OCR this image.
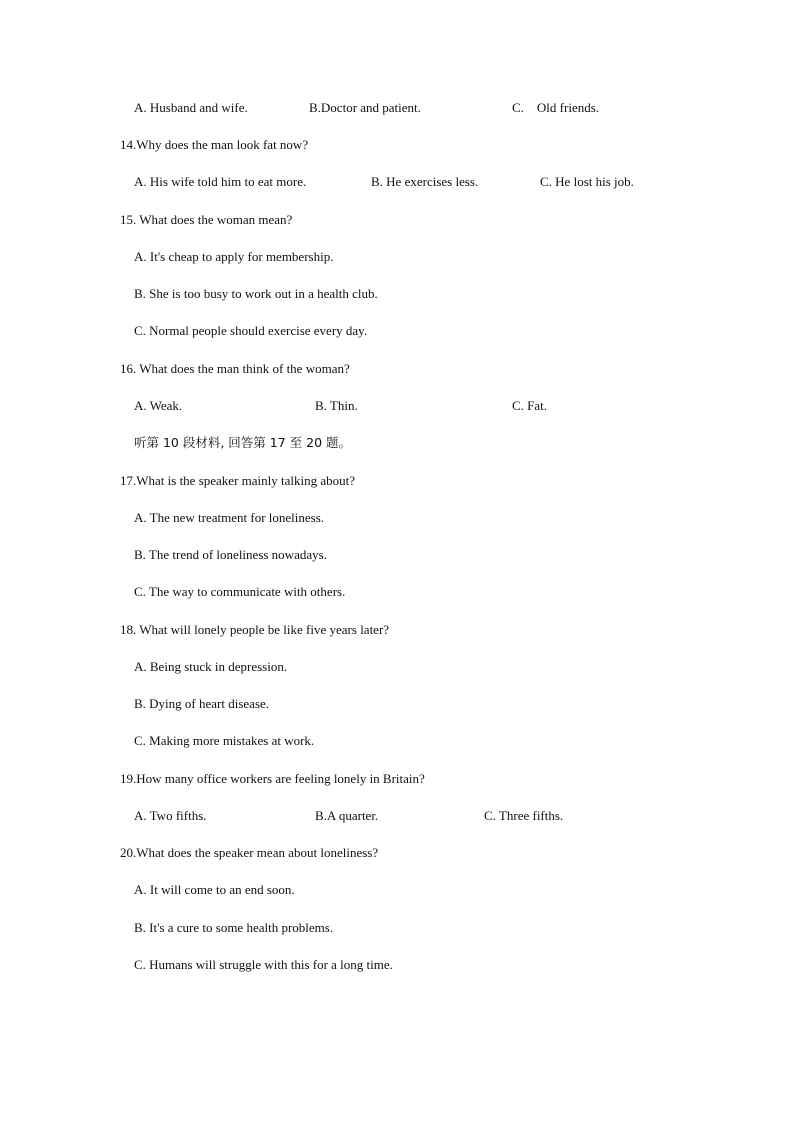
A. Husband and wife.	B.Doctor and patient.	C.    Old friends.
14.Why does the man look fat now?
A. His wife told him to eat more.	B. He exercises less.	C. He lost his job.
15. What does the woman mean?
A. It's cheap to apply for membership.
B. She is too busy to work out in a health club.
C. Normal people should exercise every day.
16. What does the man think of the woman?
A. Weak.	B. Thin.	C. Fat.
听第 10 段材料, 回答第 17 至 20 题。
17.What is the speaker mainly talking about?
A. The new treatment for loneliness.
B. The trend of loneliness nowadays.
C. The way to communicate with others.
18. What will lonely people be like five years later?
A. Being stuck in depression.
B. Dying of heart disease.
C. Making more mistakes at work.
19.How many office workers are feeling lonely in Britain?
A. Two fifths.	B.A quarter.	C. Three fifths.
20.What does the speaker mean about loneliness?
A. It will come to an end soon.
B. It's a cure to some health problems.
C. Humans will struggle with this for a long time.
